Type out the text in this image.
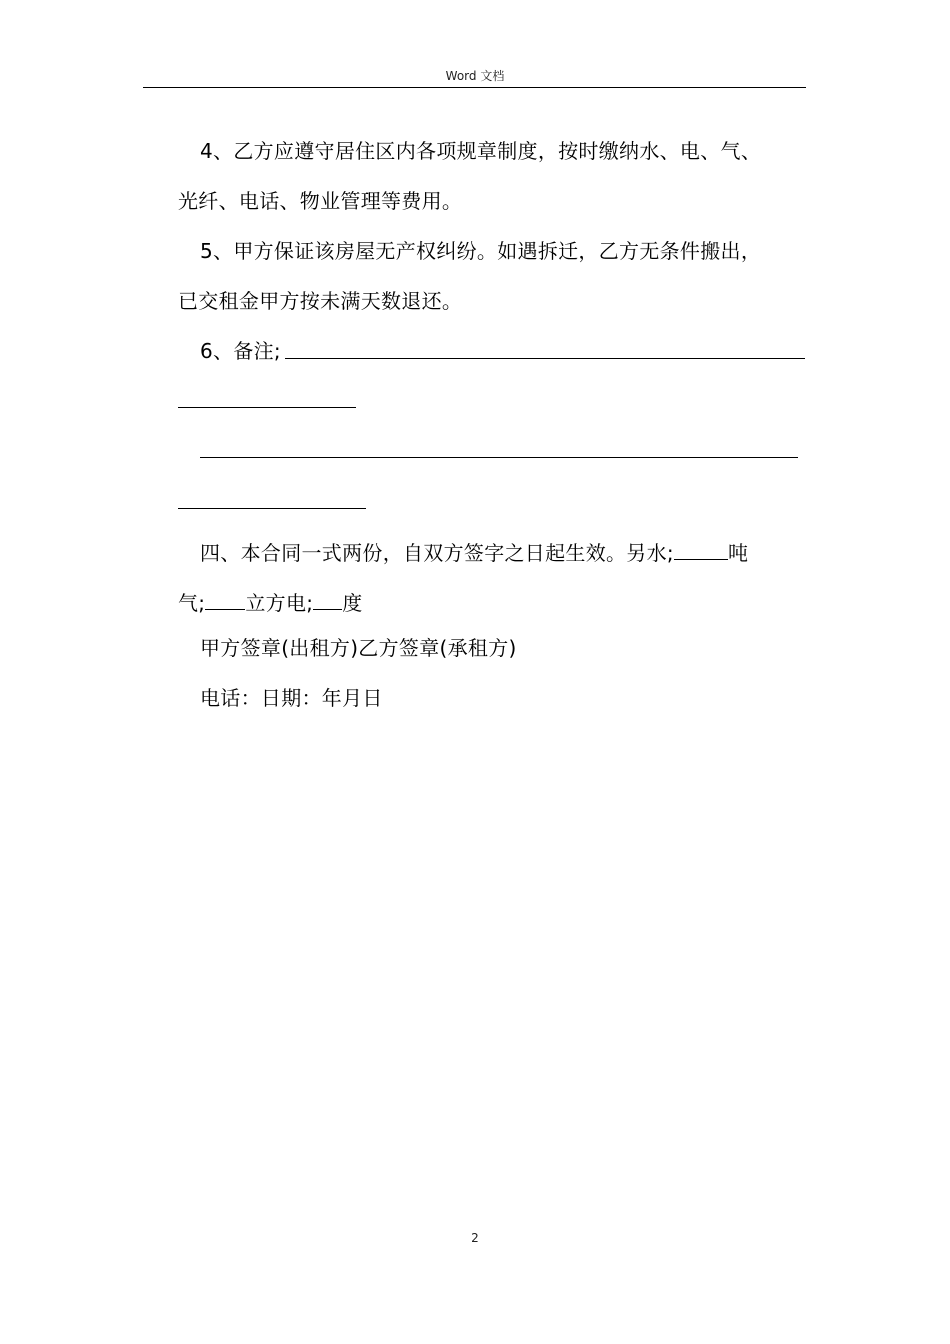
Word 文档
4、乙方应遵守居住区内各项规章制度，按时缴纳水、电、气、
光纤、电话、物业管理等费用。
5、甲方保证该房屋无产权纠纷。如遇拆迁，乙方无条件搬出，
已交租金甲方按未满天数退还。
6、备注;
四、本合同一式两份，自双方签字之日起生效。另水;	吨
气; 立方电; 度
甲方签章(出租方)乙方签章(承租方)
电话：日期：年月日
2
